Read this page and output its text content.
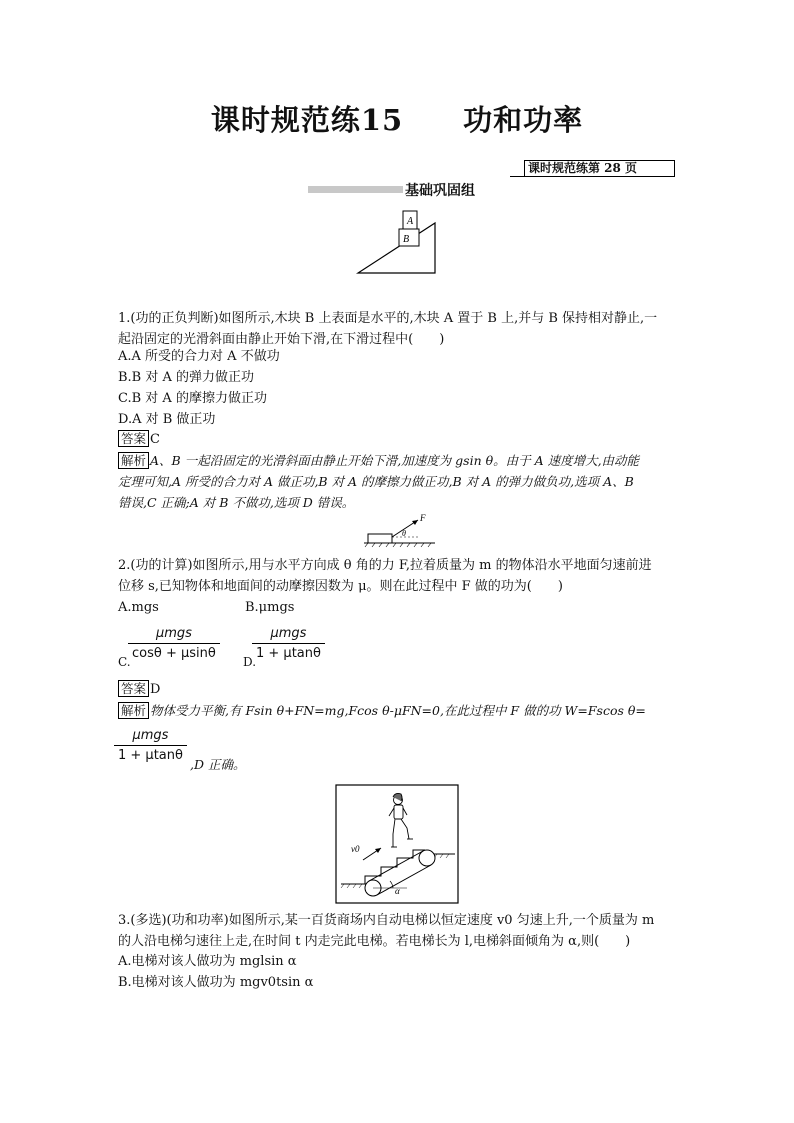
课时规范练15　　功和功率
课时规范练第 28 页
基础巩固组
B
A
1.(功的正负判断)如图所示,木块 B 上表面是水平的,木块 A 置于 B 上,并与 B 保持相对静止,一
起沿固定的光滑斜面由静止开始下滑,在下滑过程中(　　)
A.A 所受的合力对 A 不做功
B.B 对 A 的弹力做正功
C.B 对 A 的摩擦力做正功
D.A 对 B 做正功
答案 C
解析 A、B 一起沿固定的光滑斜面由静止开始下滑,加速度为 gsin θ。由于 A 速度增大,由动能
定理可知,A 所受的合力对 A 做正功,B 对 A 的摩擦力做正功,B 对 A 的弹力做负功,选项 A、B
错误,C 正确;A 对 B 不做功,选项 D 错误。
F
θ
2.(功的计算)如图所示,用与水平方向成 θ 角的力 F,拉着质量为 m 的物体沿水平地面匀速前进
位移 s,已知物体和地面间的动摩擦因数为 μ。则在此过程中 F 做的功为(　　)
A.mgs	B.μmgs
C.
μmgs
cosθ + μsinθ
D.
μmgs
1 + μtanθ
答案 D
解析 物体受力平衡,有 Fsin θ+FN=mg,Fcos θ-μFN=0,在此过程中 F 做的功 W=Fscos θ=
μmgs
1 + μtanθ
,D 正确。
α
v0
3.(多选)(功和功率)如图所示,某一百货商场内自动电梯以恒定速度 v0 匀速上升,一个质量为 m
的人沿电梯匀速往上走,在时间 t 内走完此电梯。若电梯长为 l,电梯斜面倾角为 α,则(　　)
A.电梯对该人做功为 mglsin α
B.电梯对该人做功为 mgv0tsin α
